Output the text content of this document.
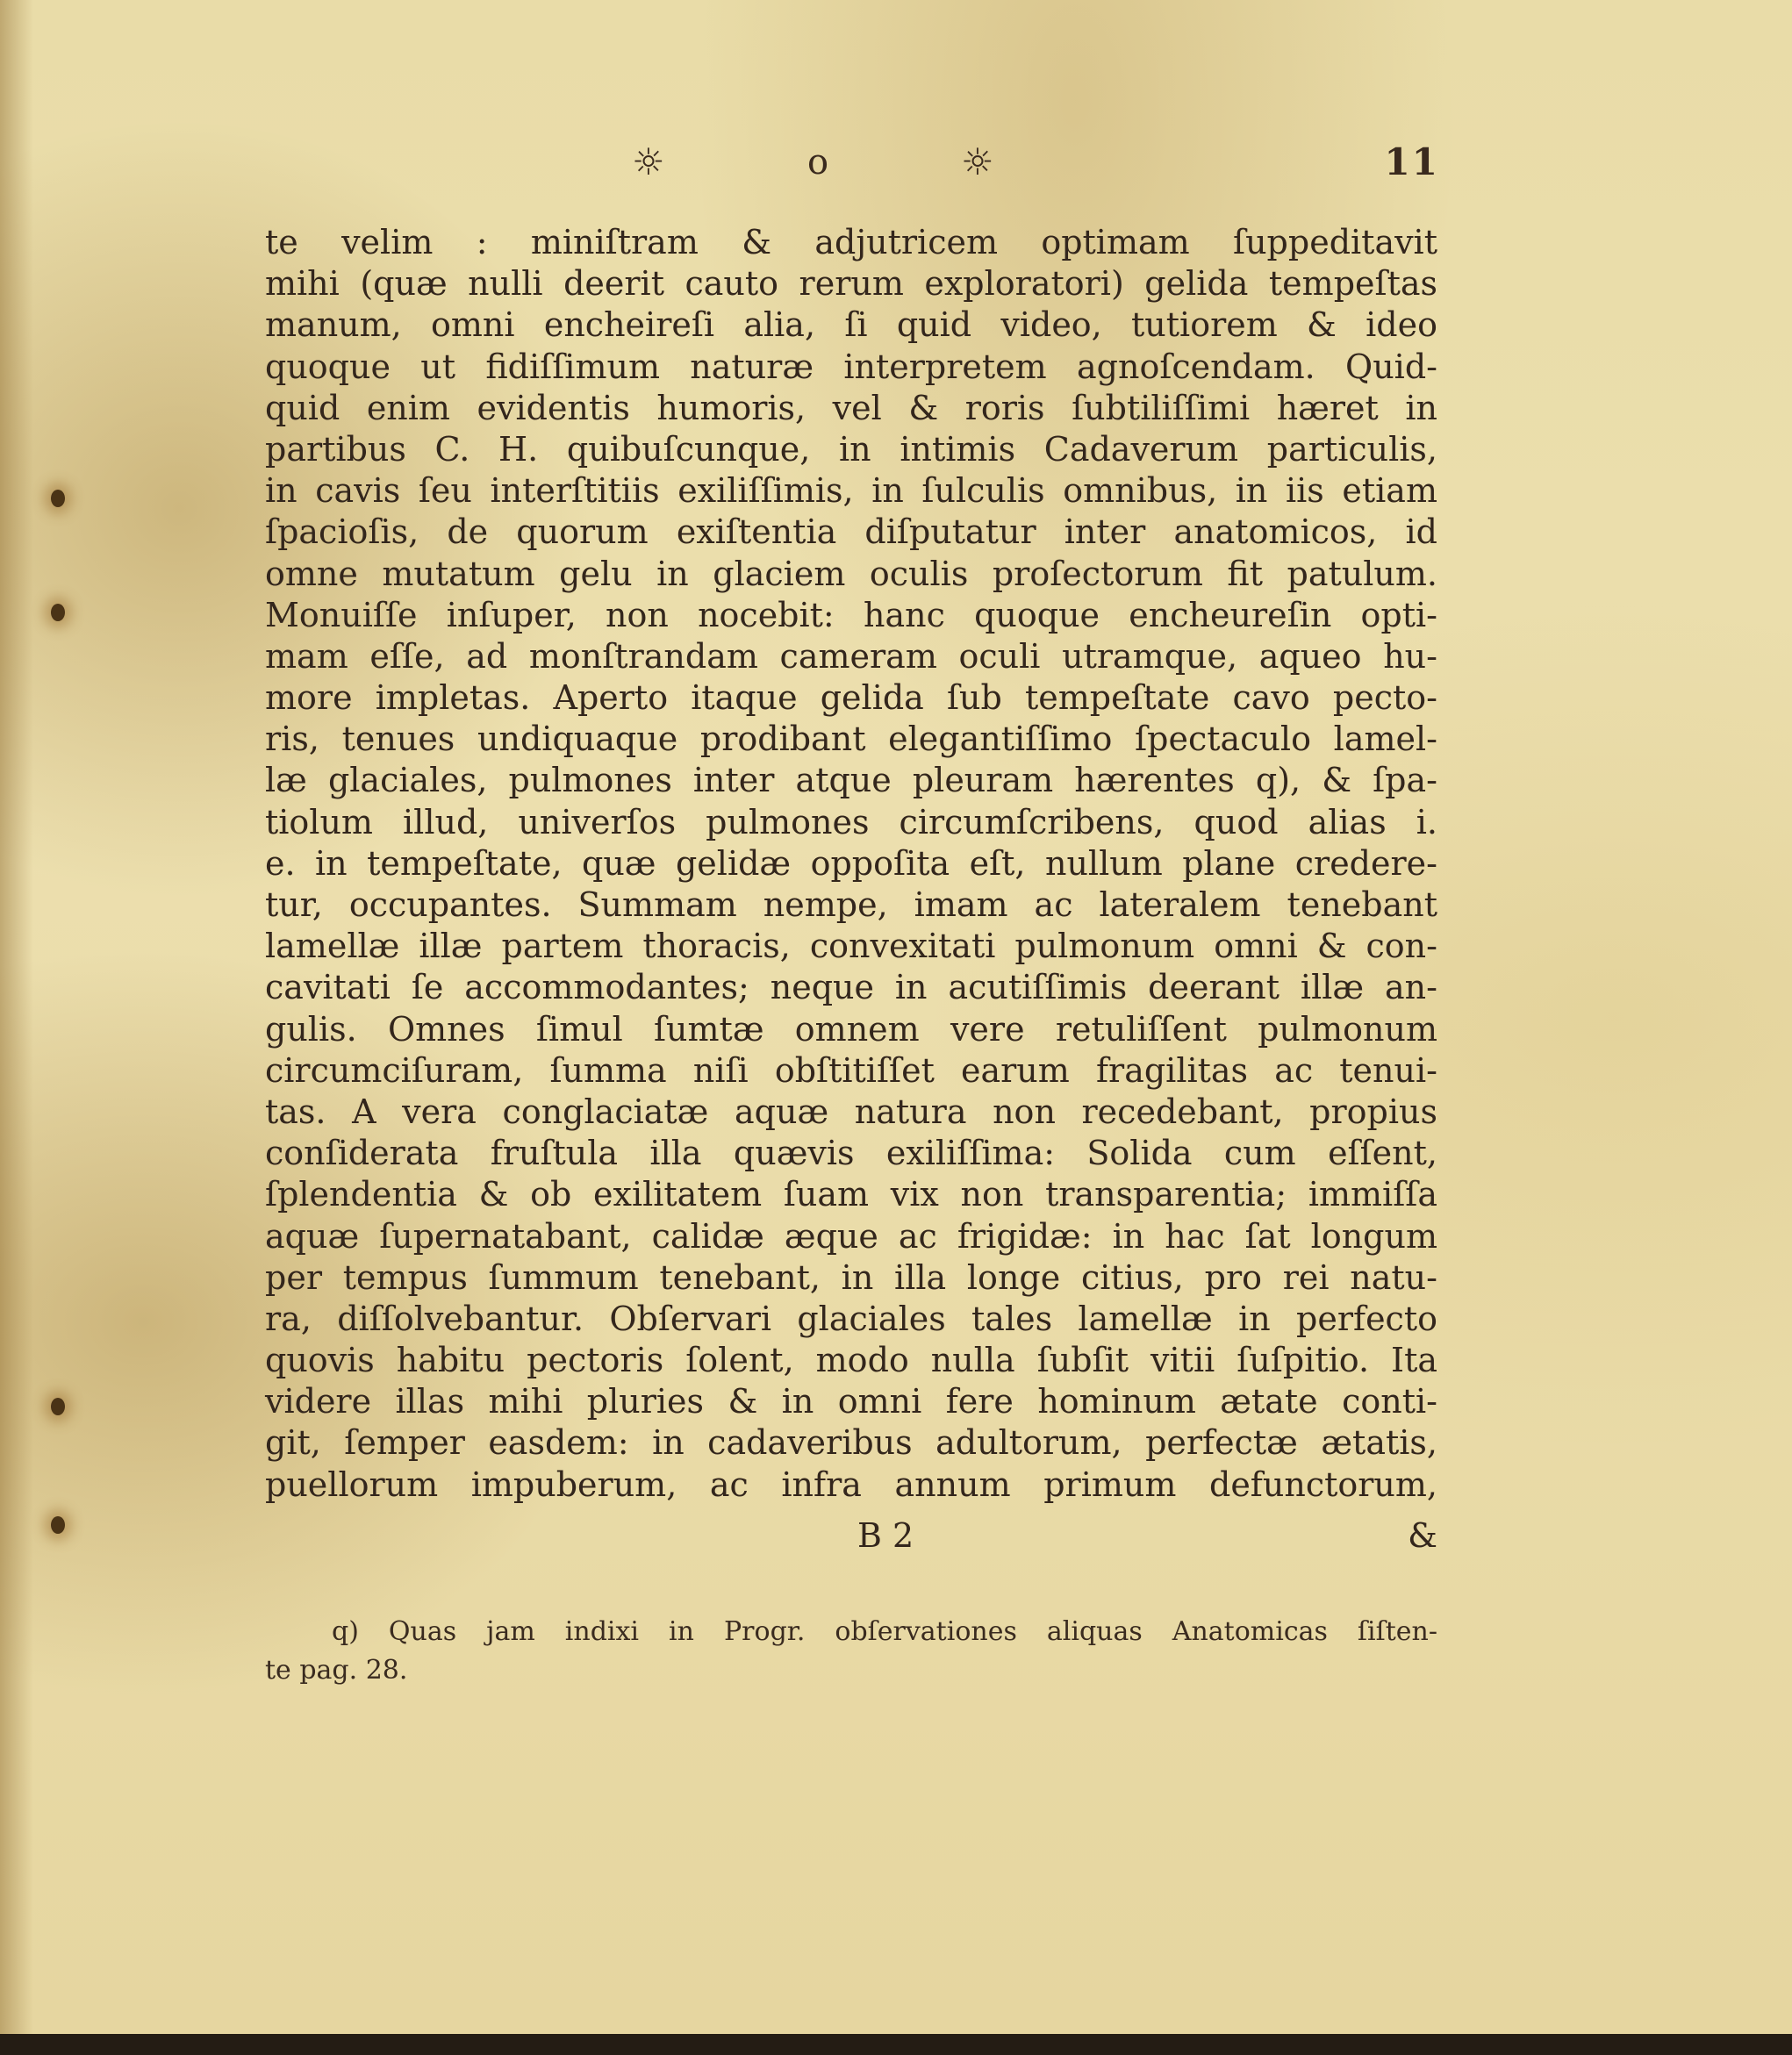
☼	o	☼	11
te velim : miniſtram & adjutricem optimam ſuppeditavit
mihi (quæ nulli deerit cauto rerum exploratori) gelida tempeſtas
manum, omni encheireſi alia, ſi quid video, tutiorem & ideo
quoque ut fidiſſimum naturæ interpretem agnoſcendam. Quid-
quid enim evidentis humoris, vel & roris ſubtiliſſimi hæret in
partibus C. H. quibuſcunque, in intimis Cadaverum particulis,
in cavis ſeu interſtitiis exiliſſimis, in ſulculis omnibus, in iis etiam
ſpacioſis, de quorum exiſtentia diſputatur inter anatomicos, id
omne mutatum gelu in glaciem oculis proſectorum fit patulum.
Monuiſſe inſuper, non nocebit: hanc quoque encheureſin opti-
mam eſſe, ad monſtrandam cameram oculi utramque, aqueo hu-
more impletas. Aperto itaque gelida ſub tempeſtate cavo pecto-
ris, tenues undiquaque prodibant elegantiſſimo ſpectaculo lamel-
læ glaciales, pulmones inter atque pleuram hærentes q), & ſpa-
tiolum illud, univerſos pulmones circumſcribens, quod alias i.
e. in tempeſtate, quæ gelidæ oppoſita eſt, nullum plane credere-
tur, occupantes. Summam nempe, imam ac lateralem tenebant
lamellæ illæ partem thoracis, convexitati pulmonum omni & con-
cavitati ſe accommodantes; neque in acutiſſimis deerant illæ an-
gulis. Omnes ſimul ſumtæ omnem vere retuliſſent pulmonum
circumciſuram, ſumma niſi obſtitiſſet earum fragilitas ac tenui-
tas. A vera conglaciatæ aquæ natura non recedebant, propius
conſiderata fruſtula illa quævis exiliſſima: Solida cum eſſent,
ſplendentia & ob exilitatem ſuam vix non transparentia; immiſſa
aquæ ſupernatabant, calidæ æque ac frigidæ: in hac ſat longum
per tempus ſummum tenebant, in illa longe citius, pro rei natu-
ra, diſſolvebantur. Obſervari glaciales tales lamellæ in perfecto
quovis habitu pectoris ſolent, modo nulla ſubſit vitii ſuſpitio. Ita
videre illas mihi pluries & in omni fere hominum ætate conti-
git, ſemper easdem: in cadaveribus adultorum, perfectæ ætatis,
puellorum impuberum, ac infra annum primum defunctorum,
B 2	&
q) Quas jam indixi in Progr. obſervationes aliquas Anatomicas ſiſten-
te pag. 28.
